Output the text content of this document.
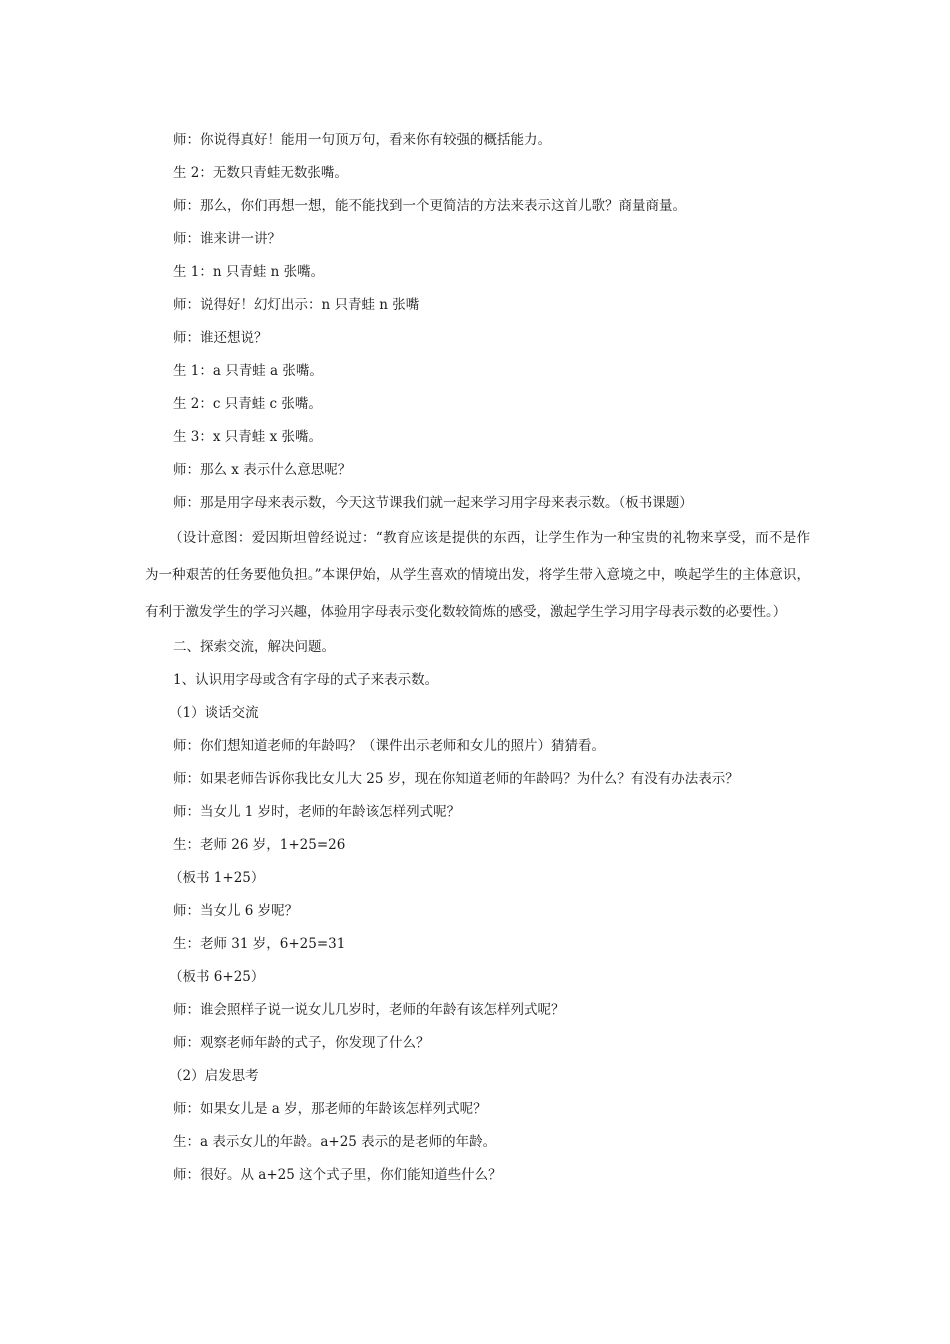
师：你说得真好！能用一句顶万句，看来你有较强的概括能力。
生 2：无数只青蛙无数张嘴。
师：那么，你们再想一想，能不能找到一个更简洁的方法来表示这首儿歌？商量商量。
师：谁来讲一讲？
生 1：n 只青蛙 n 张嘴。
师：说得好！幻灯出示：n 只青蛙 n 张嘴
师：谁还想说？
生 1：a 只青蛙 a 张嘴。
生 2：c 只青蛙 c 张嘴。
生 3：x 只青蛙 x 张嘴。
师：那么 x 表示什么意思呢？
师：那是用字母来表示数，今天这节课我们就一起来学习用字母来表示数。（板书课题）

（设计意图：爱因斯坦曾经说过：“教育应该是提供的东西，让学生作为一种宝贵的礼物来享受，而不是作为一种艰苦的任务要他负担。”本课伊始，从学生喜欢的情境出发，将学生带入意境之中，唤起学生的主体意识，有利于激发学生的学习兴趣，体验用字母表示变化数较简炼的感受，激起学生学习用字母表示数的必要性。）

二、探索交流，解决问题。
1、认识用字母或含有字母的式子来表示数。
（1）谈话交流
师：你们想知道老师的年龄吗？（课件出示老师和女儿的照片）猜猜看。
师：如果老师告诉你我比女儿大 25 岁，现在你知道老师的年龄吗？为什么？有没有办法表示？
师：当女儿 1 岁时，老师的年龄该怎样列式呢？
生：老师 26 岁，1+25=26
（板书 1+25）
师：当女儿 6 岁呢？
生：老师 31 岁，6+25=31
（板书 6+25）
师：谁会照样子说一说女儿几岁时，老师的年龄有该怎样列式呢？
师：观察老师年龄的式子，你发现了什么？
（2）启发思考
师：如果女儿是 a 岁，那老师的年龄该怎样列式呢？
生：a 表示女儿的年龄。a+25 表示的是老师的年龄。
师：很好。从 a+25 这个式子里，你们能知道些什么？
